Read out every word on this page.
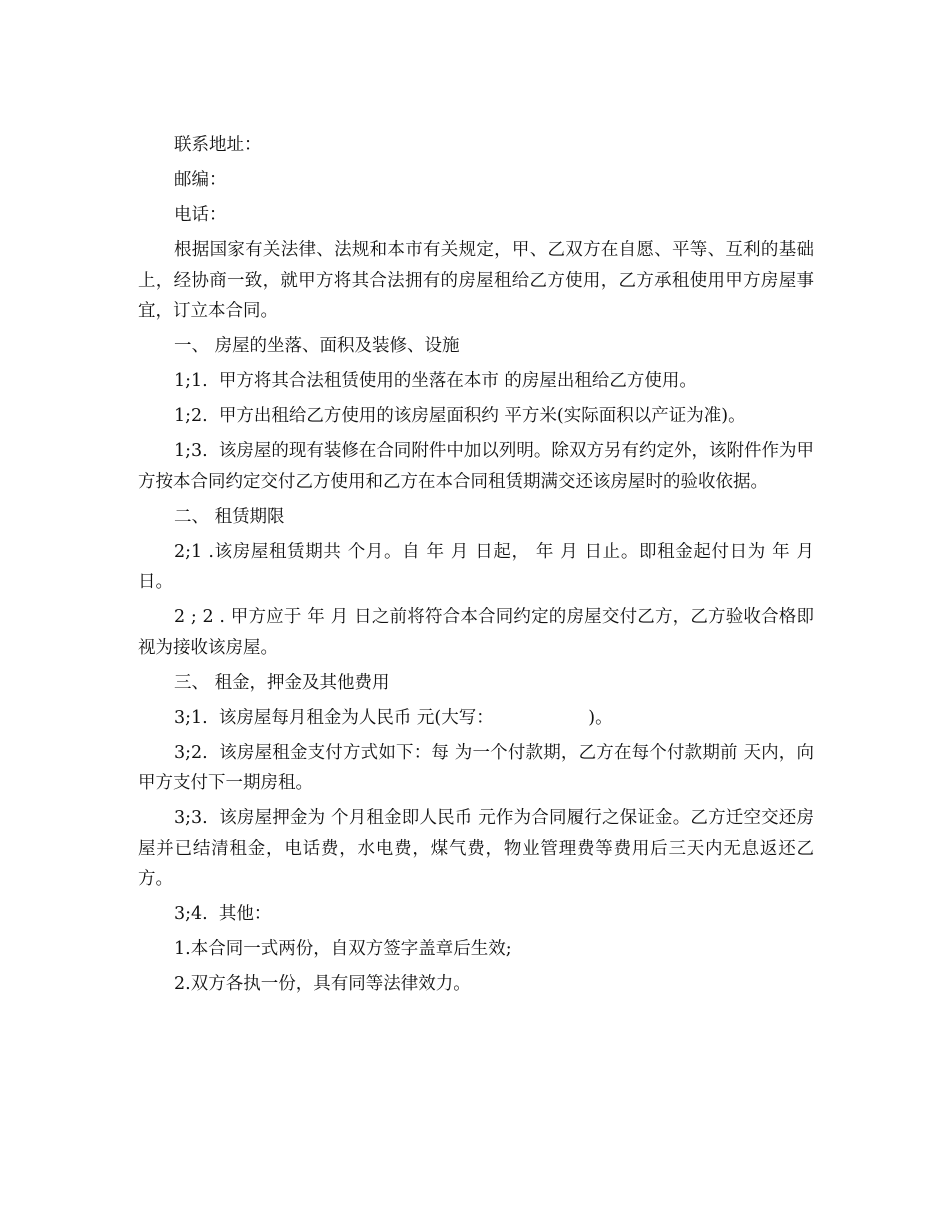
联系地址：

邮编：

电话：

根据国家有关法律、法规和本市有关规定，甲、乙双方在自愿、平等、互利的基础上，经协商一致，就甲方将其合法拥有的房屋租给乙方使用，乙方承租使用甲方房屋事宜，订立本合同。

一、 房屋的坐落、面积及装修、设施

1;1.  甲方将其合法租赁使用的坐落在本市 的房屋出租给乙方使用。

1;2.  甲方出租给乙方使用的该房屋面积约 平方米(实际面积以产证为准)。

1;3.  该房屋的现有装修在合同附件中加以列明。除双方另有约定外，该附件作为甲方按本合同约定交付乙方使用和乙方在本合同租赁期满交还该房屋时的验收依据。

二、 租赁期限

2;1 .该房屋租赁期共 个月。自 年 月 日起， 年 月 日止。即租金起付日为 年 月 日。

2 ; 2 . 甲方应于 年 月 日之前将符合本合同约定的房屋交付乙方，乙方验收合格即视为接收该房屋。

三、 租金，押金及其他费用

3;1.  该房屋每月租金为人民币 元(大写：                 )。

3;2.  该房屋租金支付方式如下：每 为一个付款期，乙方在每个付款期前 天内，向甲方支付下一期房租。

3;3.  该房屋押金为 个月租金即人民币 元作为合同履行之保证金。乙方迁空交还房屋并已结清租金，电话费，水电费，煤气费，物业管理费等费用后三天内无息返还乙方。

3;4.  其他：

1.本合同一式两份，自双方签字盖章后生效;

2.双方各执一份，具有同等法律效力。
